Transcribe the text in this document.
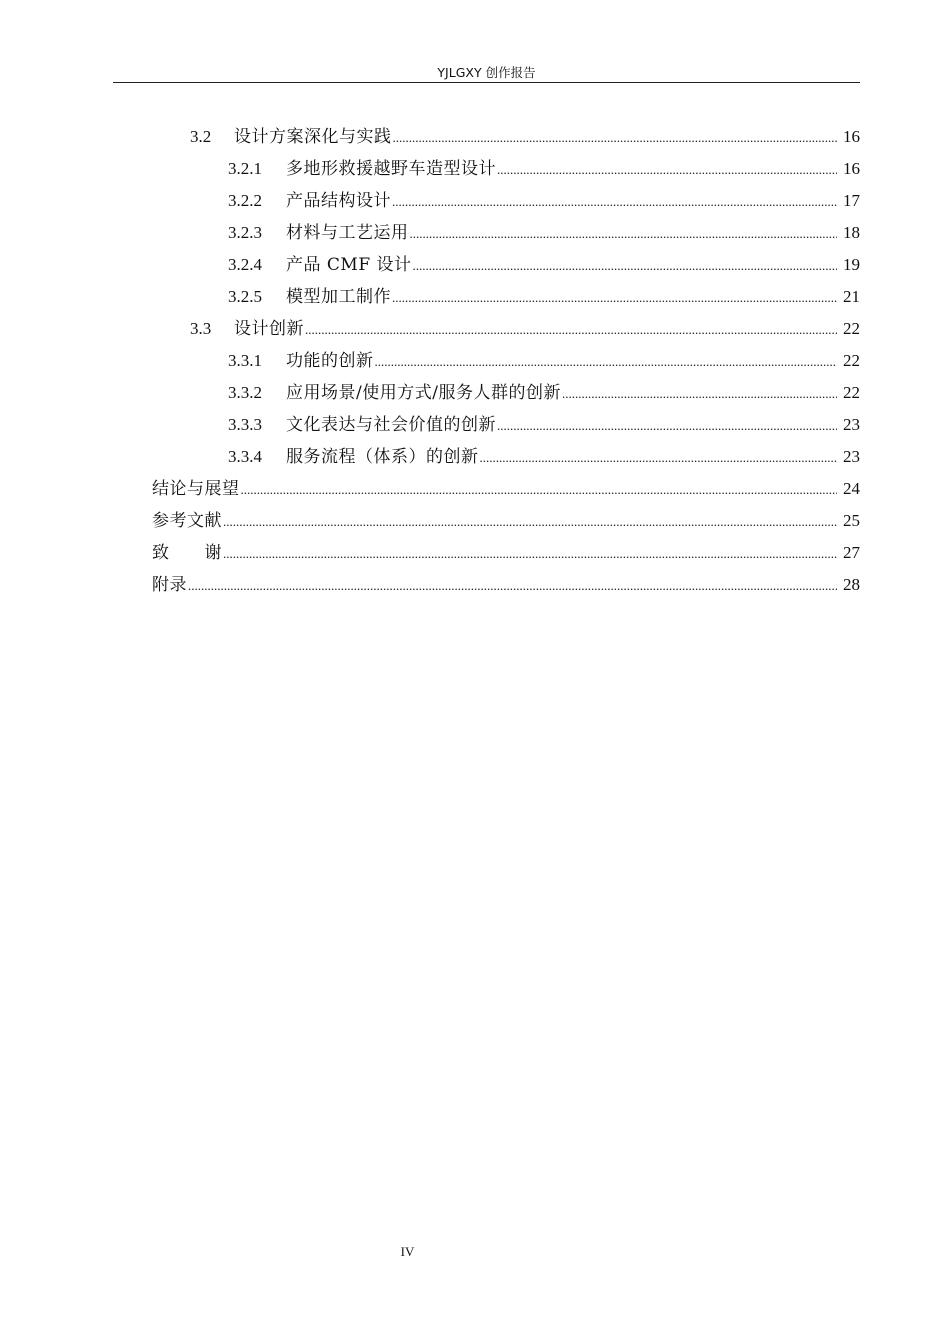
YJLGXY 创作报告
3.2	设计方案深化与实践 .....	16
3.2.1	多地形救援越野车造型设计 .....	16
3.2.2	产品结构设计 .....	17
3.2.3	材料与工艺运用 .....	18
3.2.4	产品 CMF 设计 .....	19
3.2.5	模型加工制作 .....	21
3.3	设计创新 .....	22
3.3.1	功能的创新 .....	22
3.3.2	应用场景/使用方式/服务人群的创新 .....	22
3.3.3	文化表达与社会价值的创新 .....	23
3.3.4	服务流程（体系）的创新 .....	23
结论与展望 .....	24
参考文献 .....	25
致　　谢 .....	27
附录 .....	28
IV
